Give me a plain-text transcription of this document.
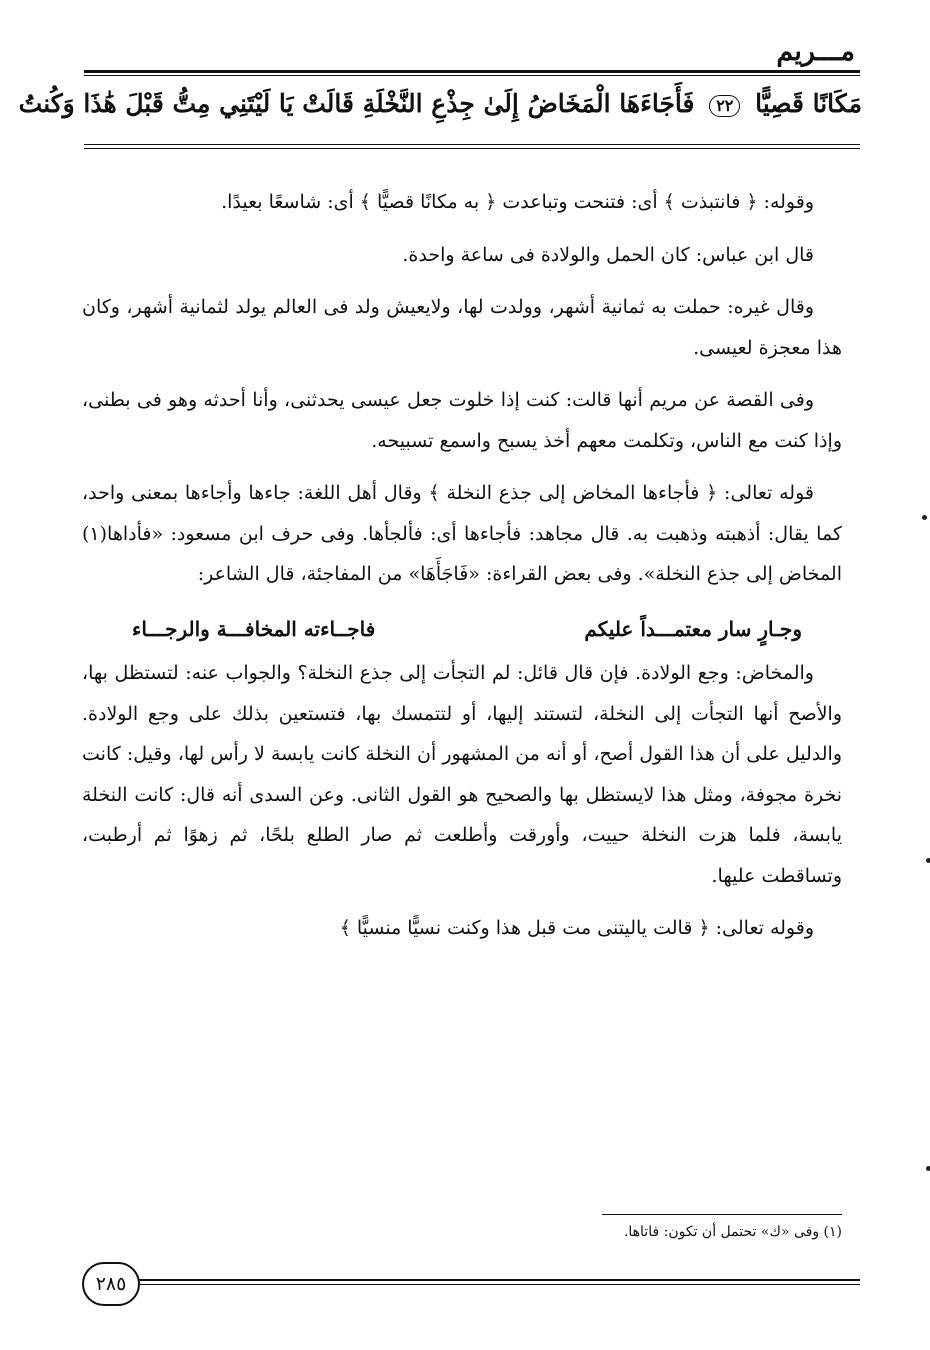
مـــريم
مَكَانًا قَصِيًّا ٢٢ فَأَجَاءَهَا الْمَخَاضُ إِلَىٰ جِذْعِ النَّخْلَةِ قَالَتْ يَا لَيْتَنِي مِتُّ قَبْلَ هَٰذَا وَكُنتُ

وقوله: ﴿ فانتبذت ﴾ أى: فتنحت وتباعدت ﴿ به مكانًا قصيًّا ﴾ أى: شاسعًا بعيدًا.

قال ابن عباس: كان الحمل والولادة فى ساعة واحدة.

وقال غيره: حملت به ثمانية أشهر، وولدت لها، ولايعيش ولد فى العالم يولد لثمانية أشهر، وكان هذا معجزة لعيسى.

وفى القصة عن مريم أنها قالت: كنت إذا خلوت جعل عيسى يحدثنى، وأنا أحدثه وهو فى بطنى، وإذا كنت مع الناس، وتكلمت معهم أخذ يسبح واسمع تسبيحه.

قوله تعالى: ﴿ فأجاءها المخاض إلى جذع النخلة ﴾ وقال أهل اللغة: جاءها وأجاءها بمعنى واحد، كما يقال: أذهبته وذهبت به. قال مجاهد: فأجاءها أى: فألجأها. وفى حرف ابن مسعود: «فأداها(١) المخاض إلى جذع النخلة». وفى بعض القراءة: «فَاجَأَهَا» من المفاجئة، قال الشاعر:

وجـارٍ سار معتمـــداً عليكم
فاجــاءته المخافـــة والرجـــاء

والمخاض: وجع الولادة. فإن قال قائل: لم التجأت إلى جذع النخلة؟ والجواب عنه: لتستظل بها، والأصح أنها التجأت إلى النخلة، لتستند إليها، أو لتتمسك بها، فتستعين بذلك على وجع الولادة. والدليل على أن هذا القول أصح، أو أنه من المشهور أن النخلة كانت يابسة لا رأس لها، وقيل: كانت نخرة مجوفة، ومثل هذا لايستظل بها والصحيح هو القول الثانى. وعن السدى أنه قال: كانت النخلة يابسة، فلما هزت النخلة حييت، وأورقت وأطلعت ثم صار الطلع بلحًا، ثم زهوًا ثم أرطبت، وتساقطت عليها.

وقوله تعالى: ﴿ قالت ياليتنى مت قبل هذا وكنت نسيًّا منسيًّا ﴾

(١) وفى «ك» تحتمل أن تكون: فاتاها.
٢٨٥
